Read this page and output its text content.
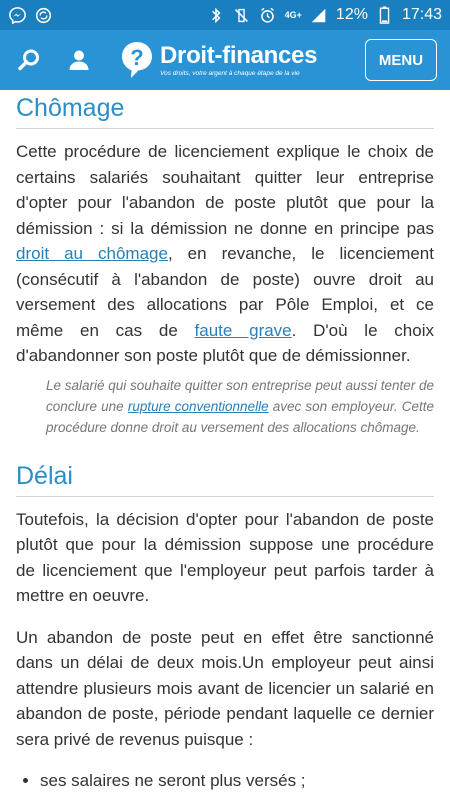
4G+ 12% 17:43
? Droit-finances
Vos droits, votre argent à chaque étape de la vie
MENU
Chômage

Cette procédure de licenciement explique le choix de certains salariés souhaitant quitter leur entreprise d'opter pour l'abandon de poste plutôt que pour la démission : si la démission ne donne en principe pas droit au chômage, en revanche, le licenciement (consécutif à l'abandon de poste) ouvre droit au versement des allocations par Pôle Emploi, et ce même en cas de faute grave. D'où le choix d'abandonner son poste plutôt que de démissionner.

Le salarié qui souhaite quitter son entreprise peut aussi tenter de conclure une rupture conventionnelle avec son employeur. Cette procédure donne droit au versement des allocations chômage.

Délai

Toutefois, la décision d'opter pour l'abandon de poste plutôt que pour la démission suppose une procédure de licenciement que l'employeur peut parfois tarder à mettre en oeuvre.

Un abandon de poste peut en effet être sanctionné dans un délai de deux mois.Un employeur peut ainsi attendre plusieurs mois avant de licencier un salarié en abandon de poste, période pendant laquelle ce dernier sera privé de revenus puisque :

• ses salaires ne seront plus versés ;
